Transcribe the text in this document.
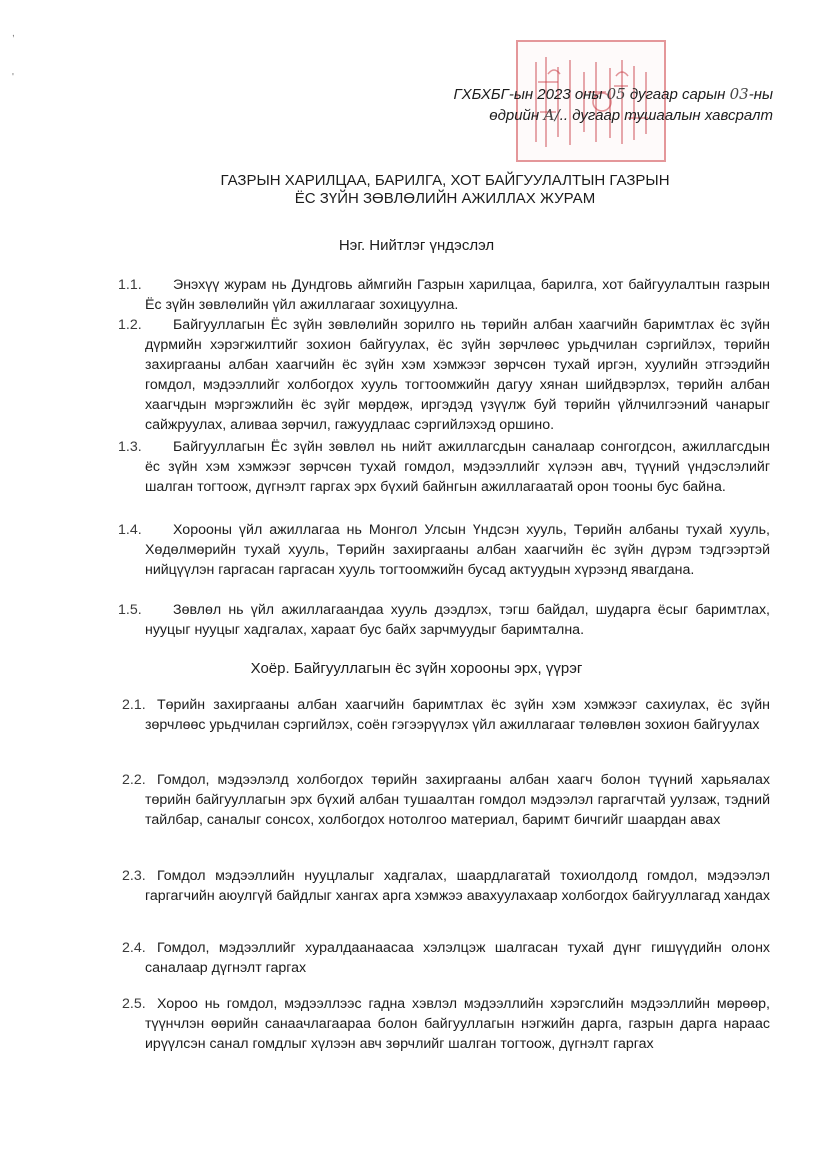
ГХБХБГ-ын 2023 оны 05 дугаар сарын 03-ны
өдрийн А/.. дугаар тушаалын хавсралт
ГАЗРЫН ХАРИЛЦАА, БАРИЛГА, ХОТ БАЙГУУЛАЛТЫН ГАЗРЫН
ЁС ЗҮЙН ЗӨВЛӨЛИЙН АЖИЛЛАХ ЖУРАМ
Нэг. Нийтлэг үндэслэл
1.1.	Энэхүү журам нь Дундговь аймгийн Газрын харилцаа, барилга, хот байгуулалтын газрын Ёс зүйн зөвлөлийн үйл ажиллагааг зохицуулна.
1.2.	Байгууллагын Ёс зүйн зөвлөлийн зорилго нь төрийн албан хаагчийн баримтлах ёс зүйн дүрмийн хэрэгжилтийг зохион байгуулах, ёс зүйн зөрчлөөс урьдчилан сэргийлэх, төрийн захиргааны албан хаагчийн ёс зүйн хэм хэмжээг зөрчсөн тухай иргэн, хуулийн этгээдийн гомдол, мэдээллийг холбогдох хууль тогтоомжийн дагуу хянан шийдвэрлэх, төрийн албан хаагчдын мэргэжлийн ёс зүйг мөрдөж, иргэдэд үзүүлж буй төрийн үйлчилгээний чанарыг сайжруулах, аливаа зөрчил, гажуудлаас сэргийлэхэд оршино.
1.3.	Байгууллагын Ёс зүйн зөвлөл нь нийт ажиллагсдын саналаар сонгогдсон, ажиллагсдын ёс зүйн хэм хэмжээг зөрчсөн тухай гомдол, мэдээллийг хүлээн авч, түүний үндэслэлийг шалган тогтоож, дүгнэлт гаргах эрх бүхий байнгын ажиллагаатай орон тооны бус байна.
1.4.	Хорооны үйл ажиллагаа нь Монгол Улсын Үндсэн хууль, Төрийн албаны тухай хууль, Хөдөлмөрийн тухай хууль, Төрийн захиргааны албан хаагчийн ёс зүйн дүрэм тэдгээртэй нийцүүлэн гаргасан гаргасан хууль тогтоомжийн бусад актуудын хүрээнд явагдана.
1.5.	Зөвлөл нь үйл ажиллагаандаа хууль дээдлэх, тэгш байдал, шударга ёсыг баримтлах, нууцыг нууцыг хадгалах, хараат бус байх зарчмуудыг баримтална.
Хоёр. Байгууллагын ёс зүйн хорооны эрх, үүрэг
2.1. Төрийн захиргааны албан хаагчийн баримтлах ёс зүйн хэм хэмжээг сахиулах, ёс зүйн зөрчлөөс урьдчилан сэргийлэх, соён гэгээрүүлэх үйл ажиллагааг төлөвлөн зохион байгуулах
2.2. Гомдол, мэдээлэлд холбогдох төрийн захиргааны албан хаагч болон түүний харьяалах төрийн байгууллагын эрх бүхий албан тушаалтан гомдол мэдээлэл гаргагчтай уулзаж, тэдний тайлбар, саналыг сонсох, холбогдох нотолгоо материал, баримт бичгийг шаардан авах
2.3. Гомдол мэдээллийн нууцлалыг хадгалах, шаардлагатай тохиолдолд гомдол, мэдээлэл гаргагчийн аюулгүй байдлыг хангах арга хэмжээ авахуулахаар холбогдох байгууллагад хандах
2.4. Гомдол, мэдээллийг хуралдаанаасаа хэлэлцэж шалгасан тухай дүнг гишүүдийн олонх саналаар дүгнэлт гаргах
2.5. Хороо нь гомдол, мэдээллээс гадна хэвлэл мэдээллийн хэрэгслийн мэдээллийн мөрөөр, түүнчлэн өөрийн санаачлагаараа болон байгууллагын нэгжийн дарга, газрын дарга нараас ирүүлсэн санал гомдлыг хүлээн авч зөрчлийг шалган тогтоож, дүгнэлт гаргах
,
'
